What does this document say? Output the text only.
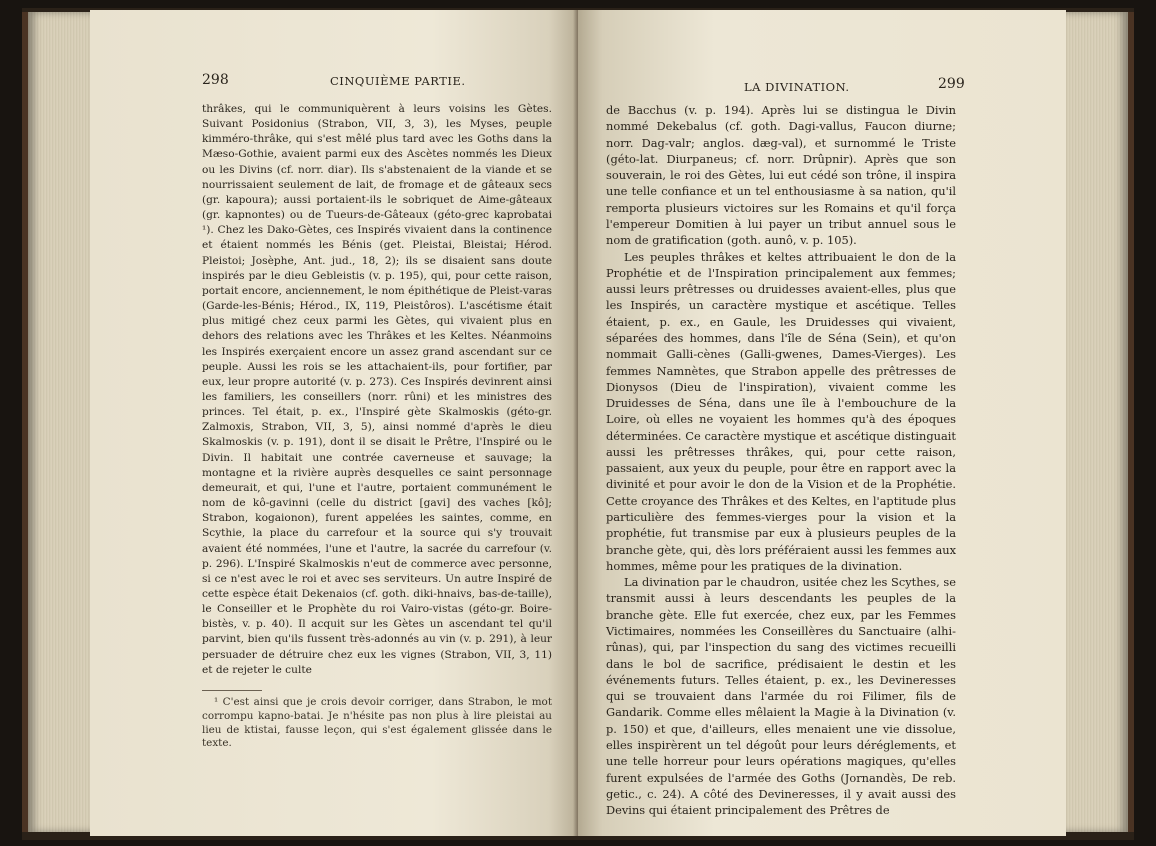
298	CINQUIÈME PARTIE.

thrâkes, qui le communiquèrent à leurs voisins les Gètes. Suivant Posidonius (Strabon, VII, 3, 3), les Myses, peuple kimméro-thrâke, qui s'est mêlé plus tard avec les Goths dans la Mæso-Gothie, avaient parmi eux des Ascètes nommés les Dieux ou les Divins (cf. norr. diar). Ils s'abstenaient de la viande et se nourrissaient seulement de lait, de fromage et de gâteaux secs (gr. kapoura); aussi portaient-ils le sobriquet de Aime-gâteaux (gr. kapnontes) ou de Tueurs-de-Gâteaux (géto-grec kaprobatai ¹). Chez les Dako-Gètes, ces Inspirés vivaient dans la continence et étaient nommés les Bénis (get. Pleistai, Bleistai; Hérod. Pleistoi; Josèphe, Ant. jud., 18, 2); ils se disaient sans doute inspirés par le dieu Gebleistis (v. p. 195), qui, pour cette raison, portait encore, anciennement, le nom épithétique de Pleist-varas (Garde-les-Bénis; Hérod., IX, 119, Pleistôros). L'ascétisme était plus mitigé chez ceux parmi les Gètes, qui vivaient plus en dehors des relations avec les Thrâkes et les Keltes. Néanmoins les Inspirés exerçaient encore un assez grand ascendant sur ce peuple. Aussi les rois se les attachaient-ils, pour fortifier, par eux, leur propre autorité (v. p. 273). Ces Inspirés devinrent ainsi les familiers, les conseillers (norr. rûni) et les ministres des princes. Tel était, p. ex., l'Inspiré gète Skalmoskis (géto-gr. Zalmoxis, Strabon, VII, 3, 5), ainsi nommé d'après le dieu Skalmoskis (v. p. 191), dont il se disait le Prêtre, l'Inspiré ou le Divin. Il habitait une contrée caverneuse et sauvage; la montagne et la rivière auprès desquelles ce saint personnage demeurait, et qui, l'une et l'autre, portaient communément le nom de kô-gavinni (celle du district [gavi] des vaches [kô]; Strabon, kogaionon), furent appelées les saintes, comme, en Scythie, la place du carrefour et la source qui s'y trouvait avaient été nommées, l'une et l'autre, la sacrée du carrefour (v. p. 296). L'Inspiré Skalmoskis n'eut de commerce avec personne, si ce n'est avec le roi et avec ses serviteurs. Un autre Inspiré de cette espèce était Dekenaios (cf. goth. diki-hnaivs, bas-de-taille), le Conseiller et le Prophète du roi Vairo-vistas (géto-gr. Boire-bistès, v. p. 40). Il acquit sur les Gètes un ascendant tel qu'il parvint, bien qu'ils fussent très-adonnés au vin (v. p. 291), à leur persuader de détruire chez eux les vignes (Strabon, VII, 3, 11) et de rejeter le culte

¹ C'est ainsi que je crois devoir corriger, dans Strabon, le mot corrompu kapno-batai. Je n'hésite pas non plus à lire pleistai au lieu de ktistai, fausse leçon, qui s'est également glissée dans le texte.

LA DIVINATION.	299

de Bacchus (v. p. 194). Après lui se distingua le Divin nommé Dekebalus (cf. goth. Dagi-vallus, Faucon diurne; norr. Dag-valr; anglos. dæg-val), et surnommé le Triste (géto-lat. Diurpaneus; cf. norr. Drûpnir). Après que son souverain, le roi des Gètes, lui eut cédé son trône, il inspira une telle confiance et un tel enthousiasme à sa nation, qu'il remporta plusieurs victoires sur les Romains et qu'il força l'empereur Domitien à lui payer un tribut annuel sous le nom de gratification (goth. aunô, v. p. 105).

Les peuples thrâkes et keltes attribuaient le don de la Prophétie et de l'Inspiration principalement aux femmes; aussi leurs prêtresses ou druidesses avaient-elles, plus que les Inspirés, un caractère mystique et ascétique. Telles étaient, p. ex., en Gaule, les Druidesses qui vivaient, séparées des hommes, dans l'île de Séna (Sein), et qu'on nommait Galli-cènes (Galli-gwenes, Dames-Vierges). Les femmes Namnètes, que Strabon appelle des prêtresses de Dionysos (Dieu de l'inspiration), vivaient comme les Druidesses de Séna, dans une île à l'embouchure de la Loire, où elles ne voyaient les hommes qu'à des époques déterminées. Ce caractère mystique et ascétique distinguait aussi les prêtresses thrâkes, qui, pour cette raison, passaient, aux yeux du peuple, pour être en rapport avec la divinité et pour avoir le don de la Vision et de la Prophétie. Cette croyance des Thrâkes et des Keltes, en l'aptitude plus particulière des femmes-vierges pour la vision et la prophétie, fut transmise par eux à plusieurs peuples de la branche gète, qui, dès lors préféraient aussi les femmes aux hommes, même pour les pratiques de la divination.

La divination par le chaudron, usitée chez les Scythes, se transmit aussi à leurs descendants les peuples de la branche gète. Elle fut exercée, chez eux, par les Femmes Victimaires, nommées les Conseillères du Sanctuaire (alhi-rûnas), qui, par l'inspection du sang des victimes recueilli dans le bol de sacrifice, prédisaient le destin et les événements futurs. Telles étaient, p. ex., les Devineresses qui se trouvaient dans l'armée du roi Filimer, fils de Gandarik. Comme elles mêlaient la Magie à la Divination (v. p. 150) et que, d'ailleurs, elles menaient une vie dissolue, elles inspirèrent un tel dégoût pour leurs déréglements, et une telle horreur pour leurs opérations magiques, qu'elles furent expulsées de l'armée des Goths (Jornandès, De reb. getic., c. 24). A côté des Devineresses, il y avait aussi des Devins qui étaient principalement des Prêtres de
